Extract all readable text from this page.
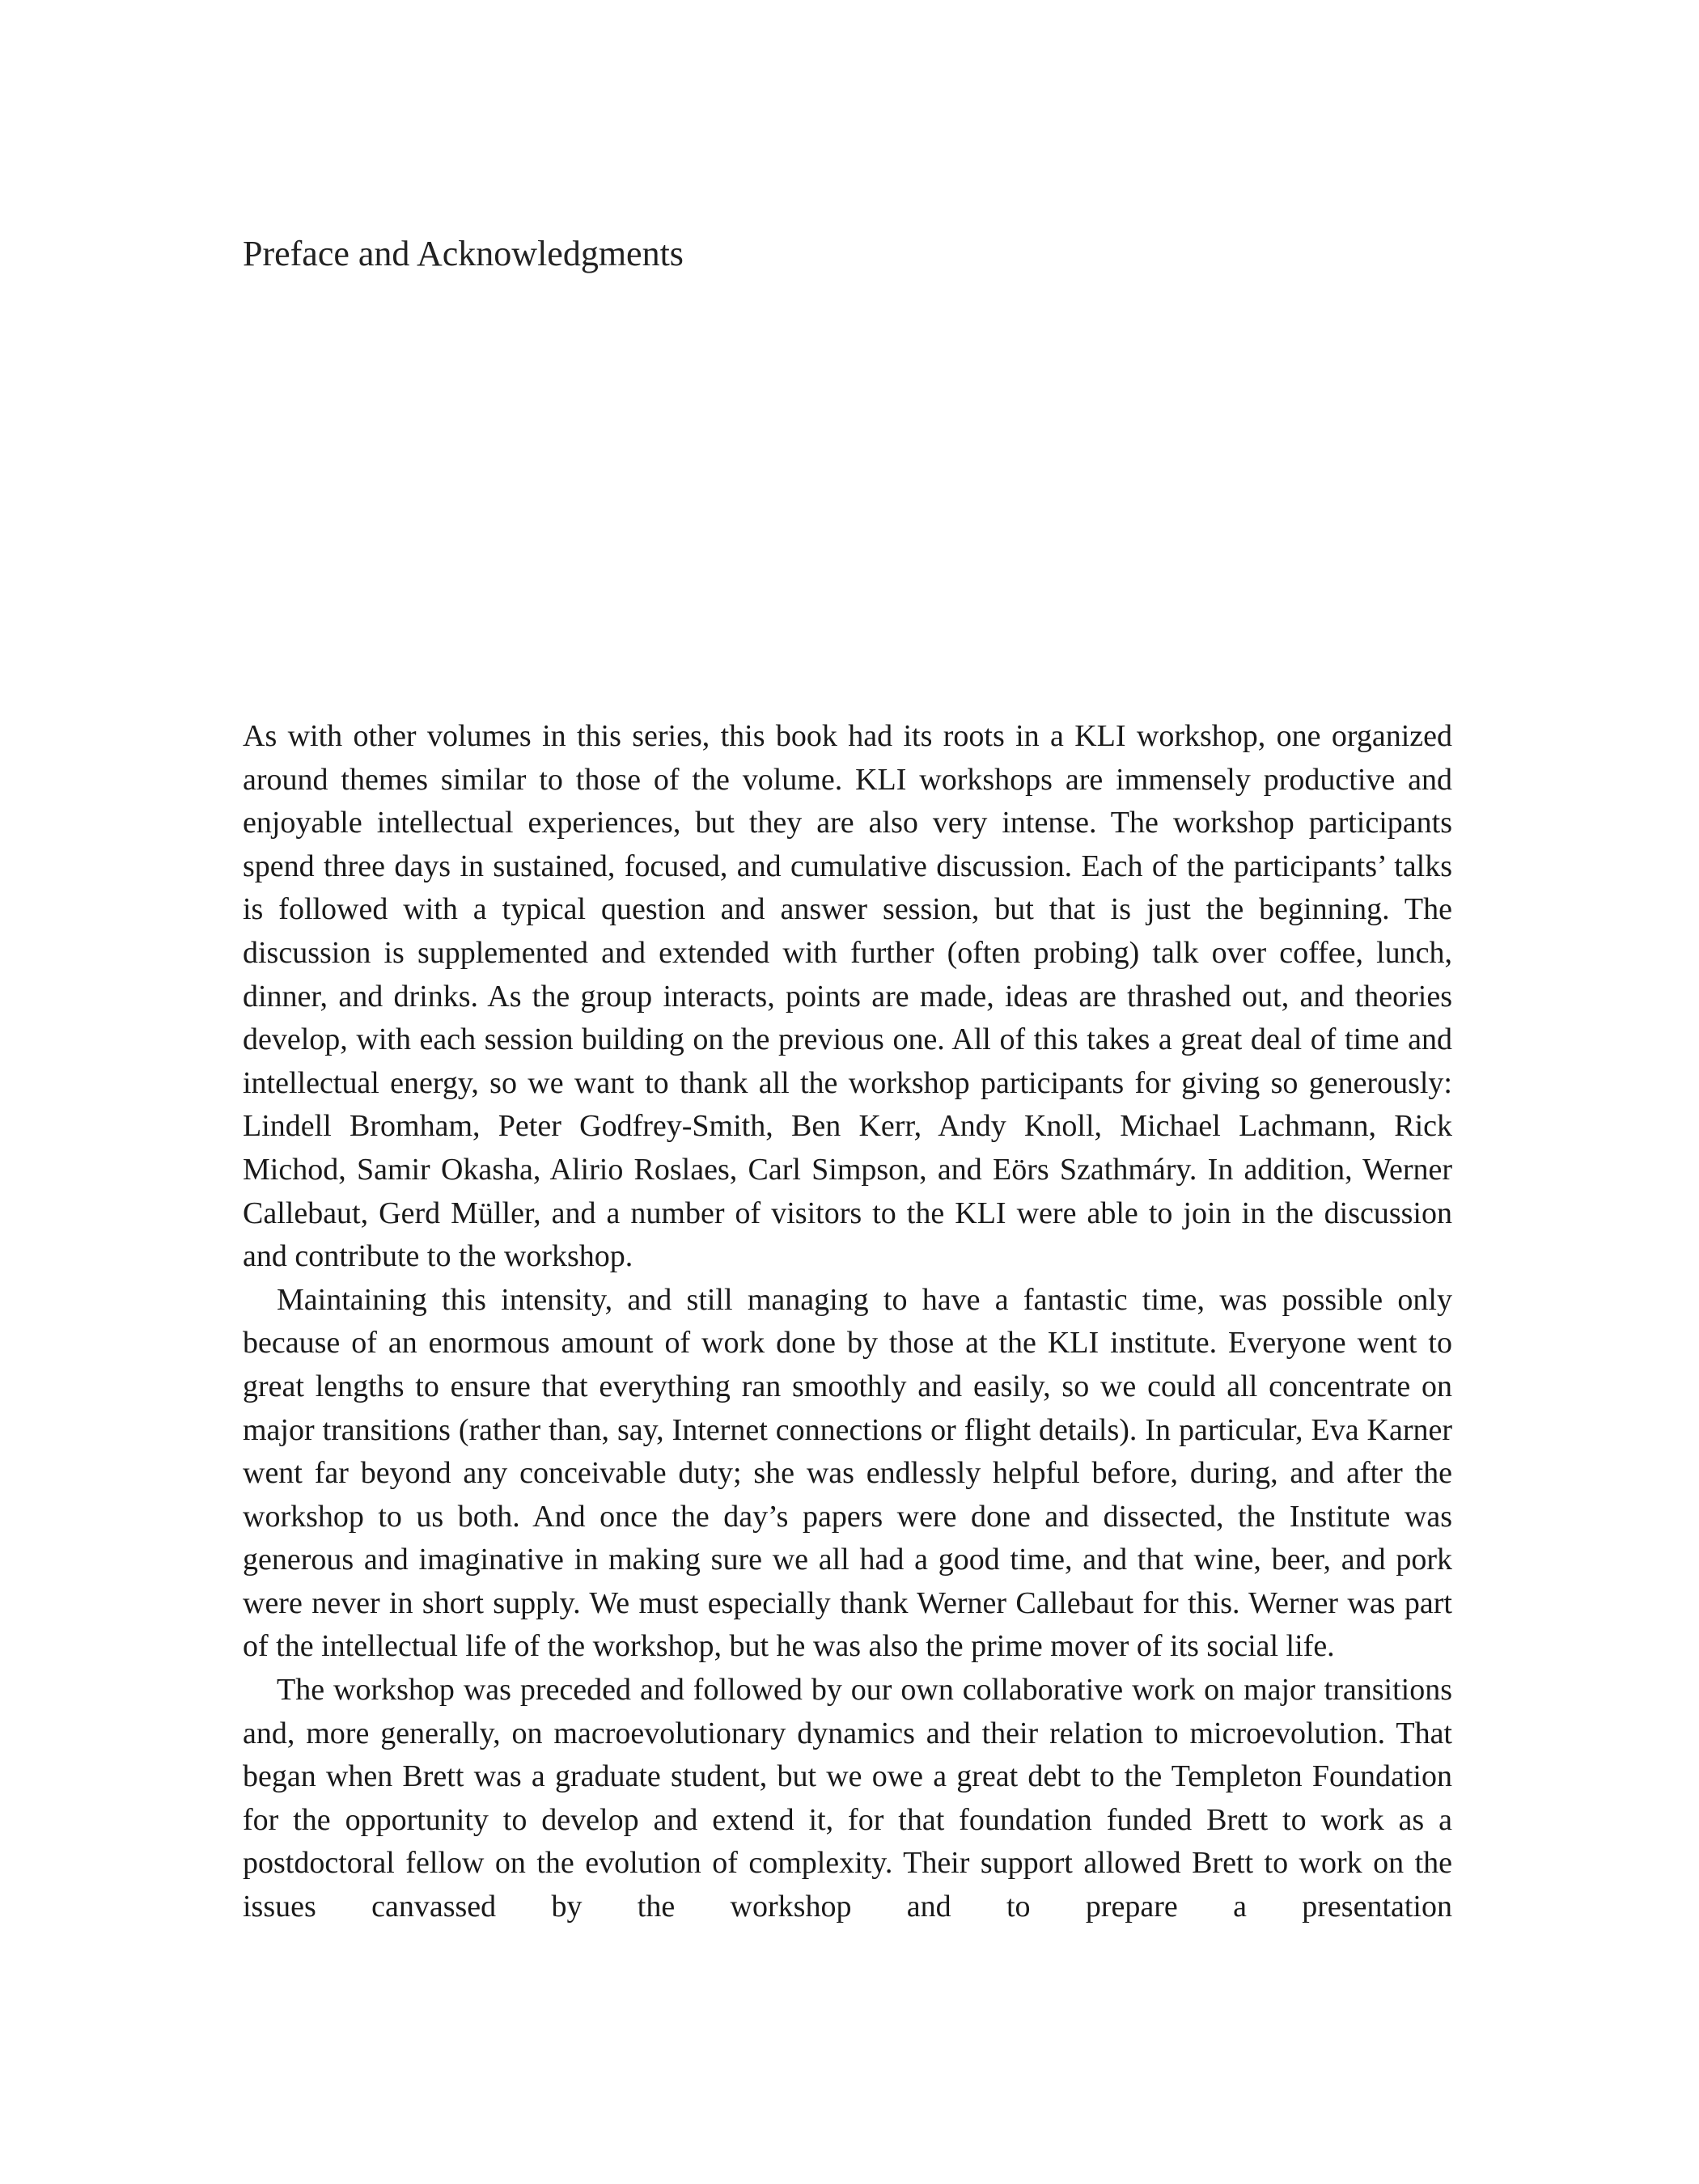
Preface and Acknowledgments

As with other volumes in this series, this book had its roots in a KLI workshop, one organized around themes similar to those of the volume. KLI workshops are immensely productive and enjoyable intellectual experiences, but they are also very intense. The workshop participants spend three days in sustained, focused, and cumulative discussion. Each of the participants’ talks is followed with a typical question and answer session, but that is just the beginning. The discussion is supplemented and extended with further (often probing) talk over coffee, lunch, dinner, and drinks. As the group interacts, points are made, ideas are thrashed out, and theories develop, with each session building on the previous one. All of this takes a great deal of time and intellectual energy, so we want to thank all the workshop participants for giving so generously: Lindell Bromham, Peter Godfrey-Smith, Ben Kerr, Andy Knoll, Michael Lachmann, Rick Michod, Samir Okasha, Alirio Roslaes, Carl Simpson, and Eörs Szathmáry. In addition, Werner Callebaut, Gerd Müller, and a number of visitors to the KLI were able to join in the discussion and contribute to the workshop.

Maintaining this intensity, and still managing to have a fantastic time, was possible only because of an enormous amount of work done by those at the KLI institute. Everyone went to great lengths to ensure that everything ran smoothly and easily, so we could all concentrate on major transitions (rather than, say, Internet connections or flight details). In particular, Eva Karner went far beyond any conceivable duty; she was endlessly helpful before, during, and after the workshop to us both. And once the day’s papers were done and dissected, the Institute was generous and imaginative in making sure we all had a good time, and that wine, beer, and pork were never in short supply. We must especially thank Werner Callebaut for this. Werner was part of the intellectual life of the workshop, but he was also the prime mover of its social life.

The workshop was preceded and followed by our own collaborative work on major transitions and, more generally, on macroevolutionary dynamics and their relation to microevolution. That began when Brett was a graduate student, but we owe a great debt to the Templeton Foundation for the opportunity to develop and extend it, for that foundation funded Brett to work as a postdoctoral fellow on the evolution of complexity. Their support allowed Brett to work on the issues canvassed by the workshop and to prepare a presentation
